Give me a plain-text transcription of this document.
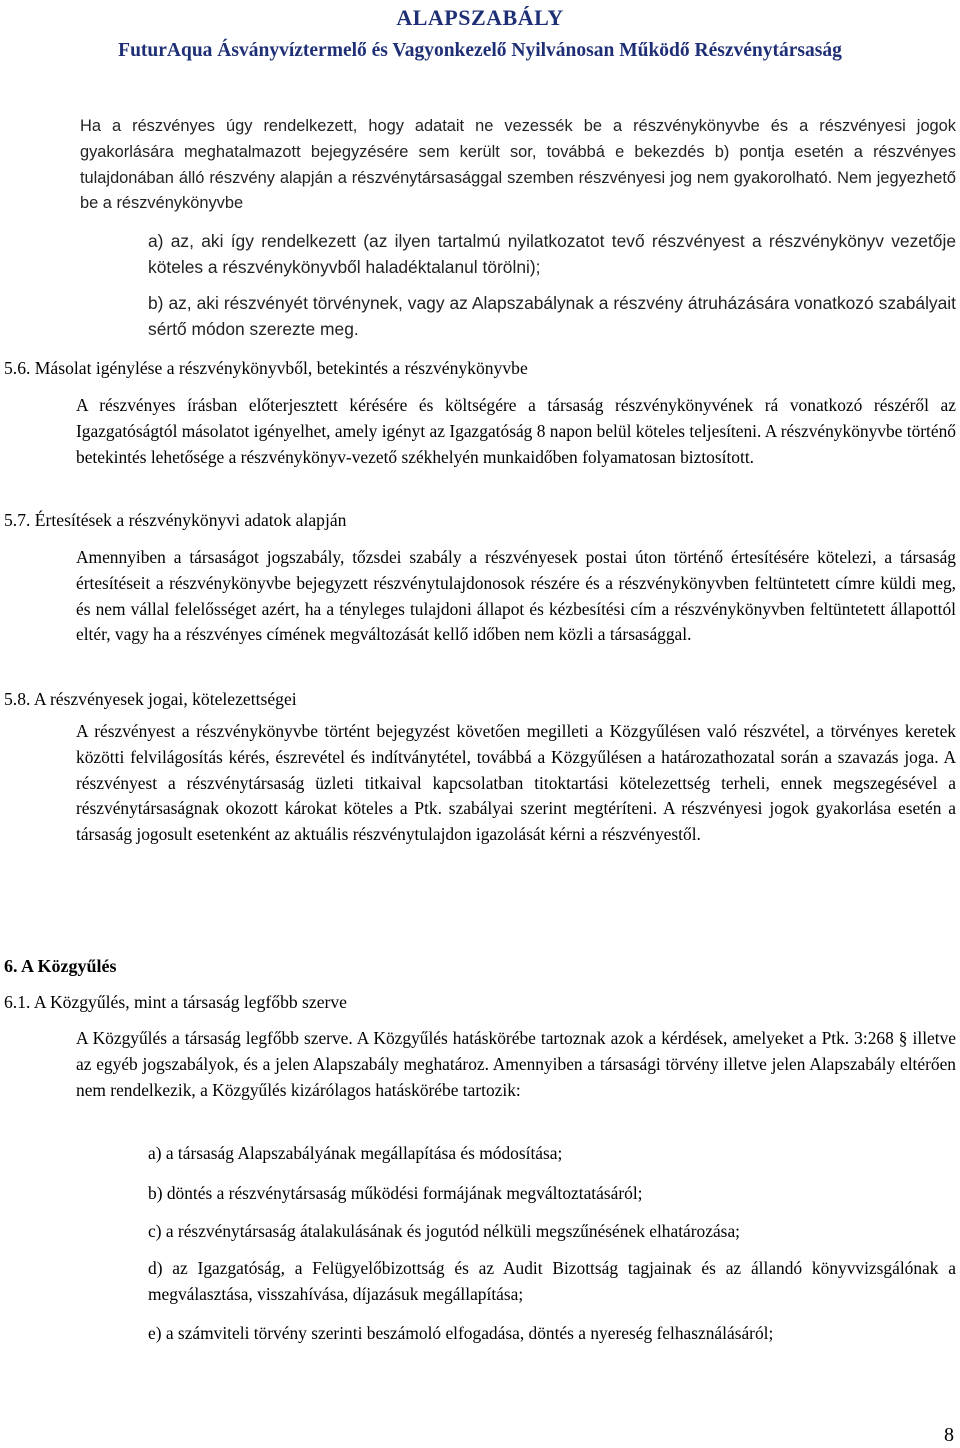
ALAPSZABÁLY
FuturAqua Ásványvíztermelő és Vagyonkezelő Nyilvánosan Működő Részvénytársaság
Ha a részvényes úgy rendelkezett, hogy adatait ne vezessék be a részvénykönyvbe és a részvényesi jogok gyakorlására meghatalmazott bejegyzésére sem került sor, továbbá e bekezdés b) pontja esetén a részvényes tulajdonában álló részvény alapján a részvénytársasággal szemben részvényesi jog nem gyakorolható. Nem jegyezhető be a részvénykönyvbe
a) az, aki így rendelkezett (az ilyen tartalmú nyilatkozatot tevő részvényest a részvénykönyv vezetője köteles a részvénykönyvből haladéktalanul törölni);
b) az, aki részvényét törvénynek, vagy az Alapszabálynak a részvény átruházására vonatkozó szabályait sértő módon szerezte meg.
5.6. Másolat igénylése a részvénykönyvből, betekintés a részvénykönyvbe
A részvényes írásban előterjesztett kérésére és költségére a társaság részvénykönyvének rá vonatkozó részéről az Igazgatóságtól másolatot igényelhet, amely igényt az Igazgatóság 8 napon belül köteles teljesíteni. A részvénykönyvbe történő betekintés lehetősége a részvénykönyv-vezető székhelyén munkaidőben folyamatosan biztosított.
5.7. Értesítések a részvénykönyvi adatok alapján
Amennyiben a társaságot jogszabály, tőzsdei szabály a részvényesek postai úton történő értesítésére kötelezi, a társaság értesítéseit a részvénykönyvbe bejegyzett részvénytulajdonosok részére és a részvénykönyvben feltüntetett címre küldi meg, és nem vállal felelősséget azért, ha a tényleges tulajdoni állapot és kézbesítési cím a részvénykönyvben feltüntetett állapottól eltér, vagy ha a részvényes címének megváltozását kellő időben nem közli a társasággal.
5.8. A részvényesek jogai, kötelezettségei
A részvényest a részvénykönyvbe történt bejegyzést követően megilleti a Közgyűlésen való részvétel, a törvényes keretek közötti felvilágosítás kérés, észrevétel és indítványtétel, továbbá a Közgyűlésen a határozathozatal során a szavazás joga. A részvényest a részvénytársaság üzleti titkaival kapcsolatban titoktartási kötelezettség terheli, ennek megszegésével a részvénytársaságnak okozott károkat köteles a Ptk. szabályai szerint megtéríteni. A részvényesi jogok gyakorlása esetén a társaság jogosult esetenként az aktuális részvénytulajdon igazolását kérni a részvényestől.
6. A Közgyűlés
6.1. A Közgyűlés, mint a társaság legfőbb szerve
A Közgyűlés a társaság legfőbb szerve. A Közgyűlés hatáskörébe tartoznak azok a kérdések, amelyeket a Ptk. 3:268 § illetve az egyéb jogszabályok, és a jelen Alapszabály meghatároz. Amennyiben a társasági törvény illetve jelen Alapszabály eltérően nem rendelkezik, a Közgyűlés kizárólagos hatáskörébe tartozik:
a) a társaság Alapszabályának megállapítása és módosítása;
b) döntés a részvénytársaság működési formájának megváltoztatásáról;
c) a részvénytársaság átalakulásának és jogutód nélküli megszűnésének elhatározása;
d) az Igazgatóság, a Felügyelőbizottság és az Audit Bizottság tagjainak és az állandó könyvvizsgálónak a megválasztása, visszahívása, díjazásuk megállapítása;
e) a számviteli törvény szerinti beszámoló elfogadása, döntés a nyereség felhasználásáról;
8
